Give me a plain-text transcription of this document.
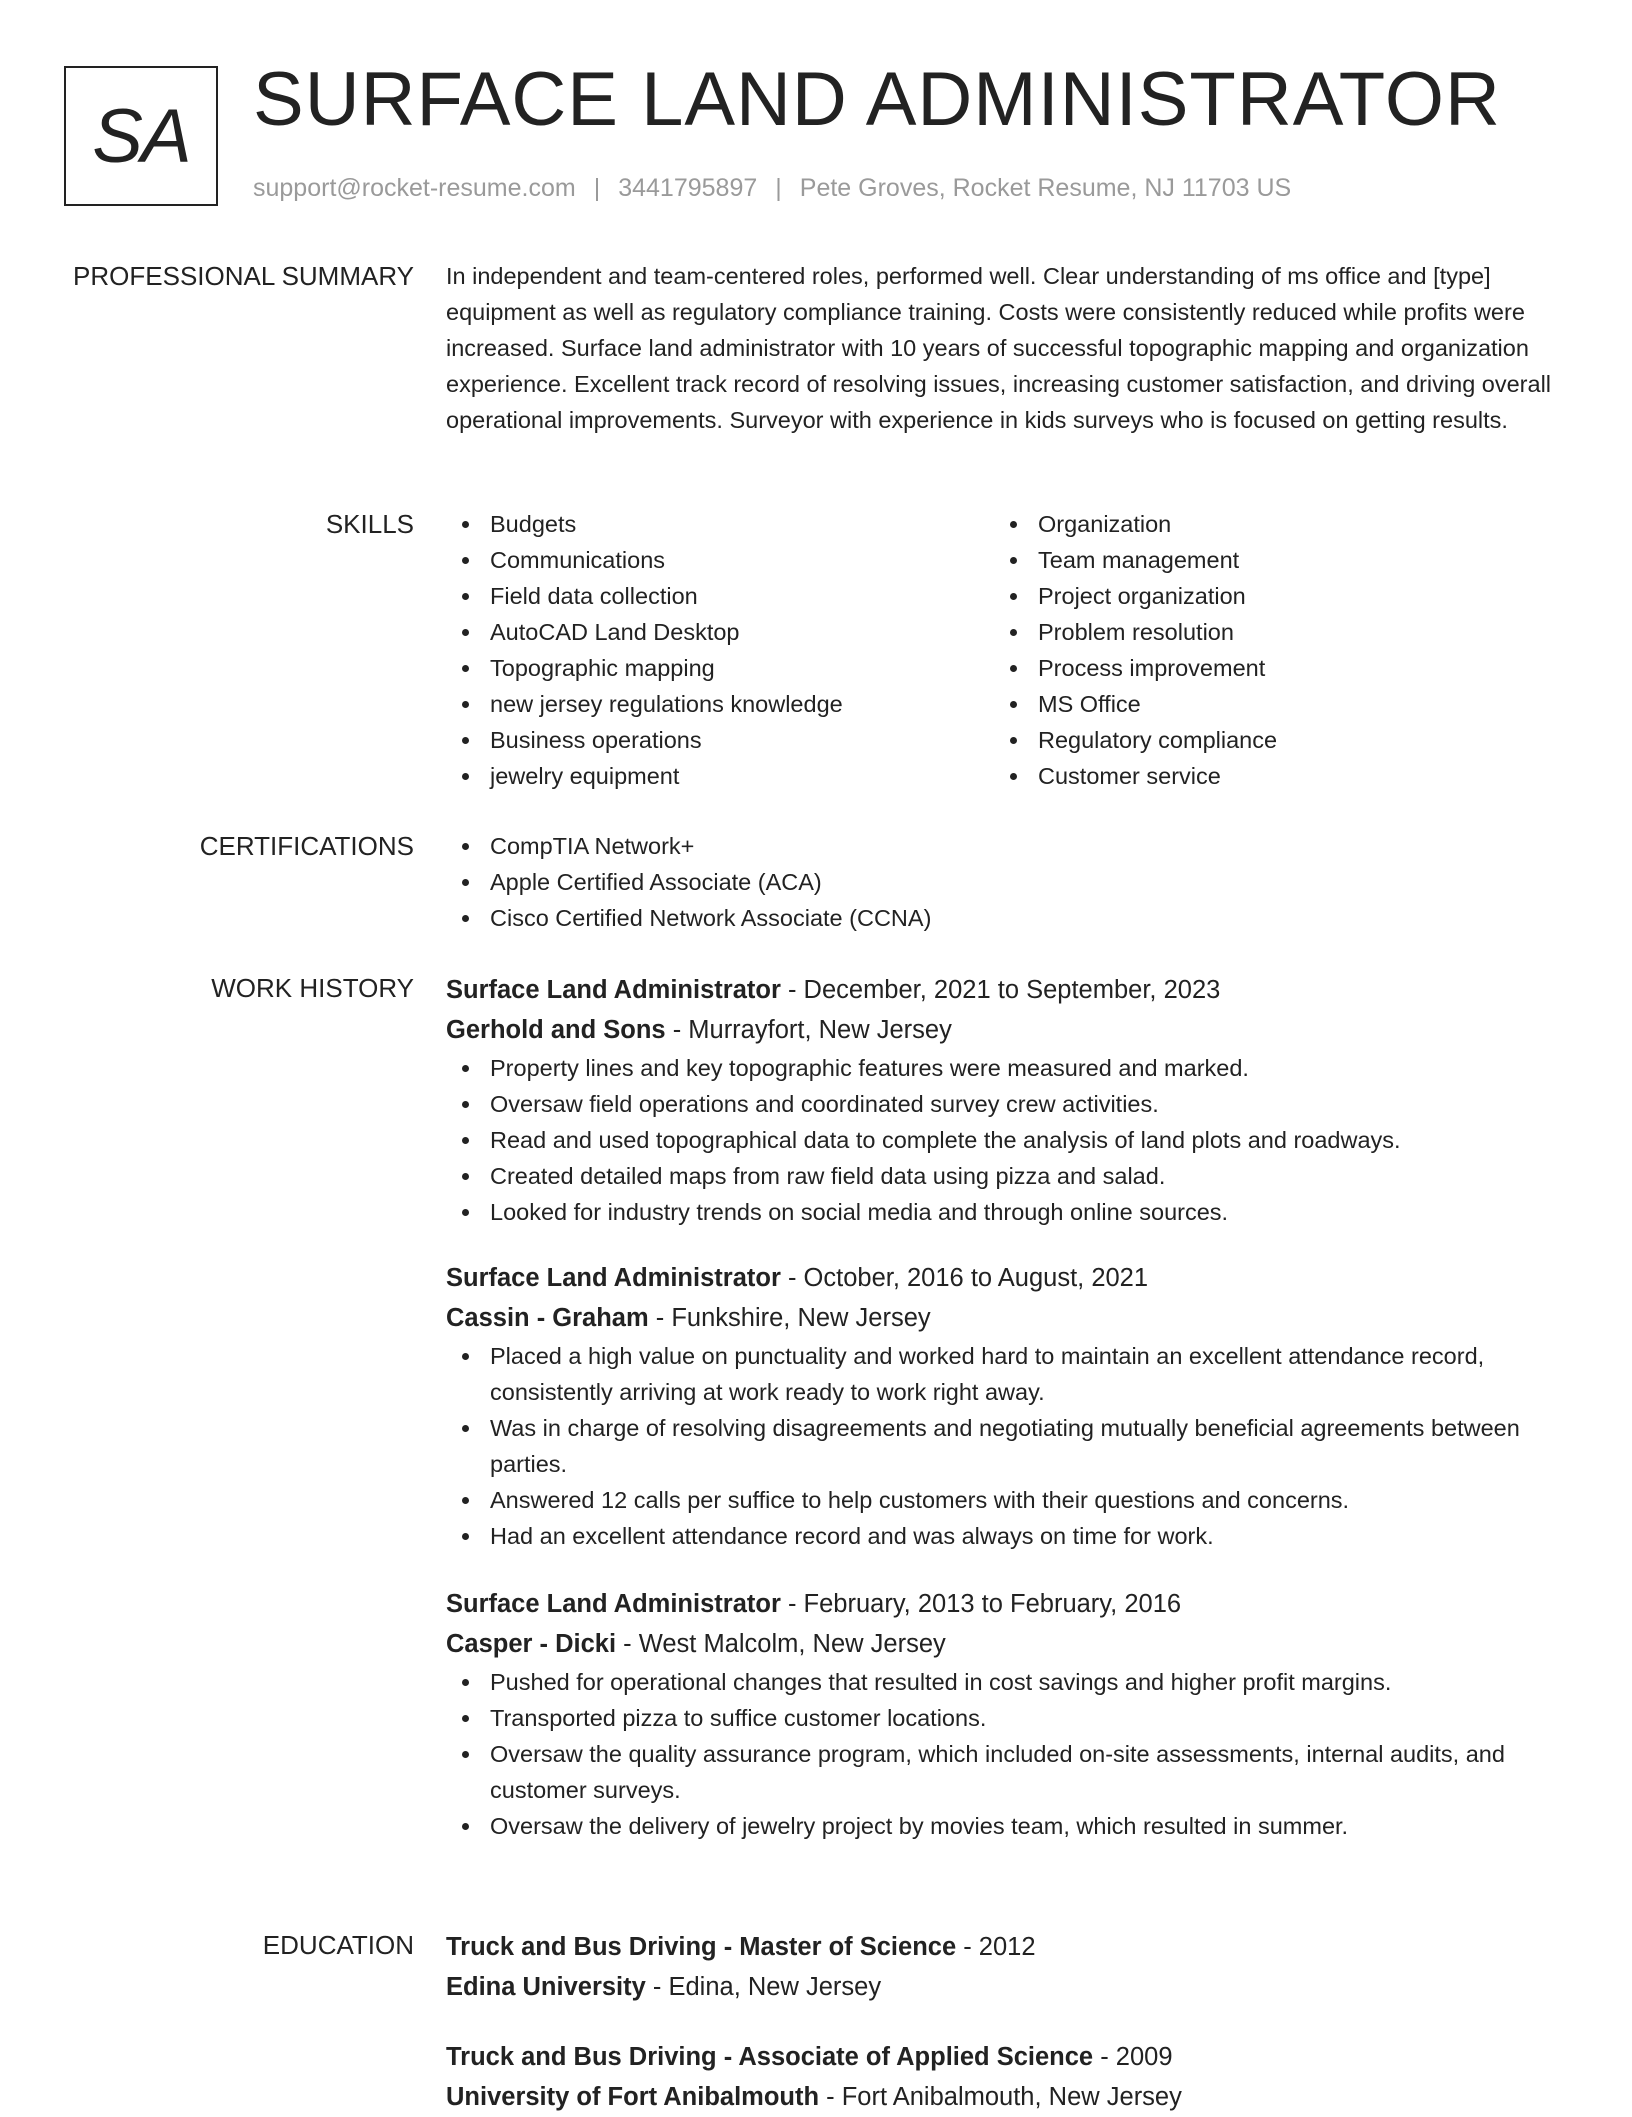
SA SURFACE LAND ADMINISTRATOR
support@rocket-resume.com | 3441795897 | Pete Groves, Rocket Resume, NJ 11703 US
PROFESSIONAL SUMMARY In independent and team-centered roles, performed well. Clear understanding of ms office and [type] equipment as well as regulatory compliance training. Costs were consistently reduced while profits were increased. Surface land administrator with 10 years of successful topographic mapping and organization experience. Excellent track record of resolving issues, increasing customer satisfaction, and driving overall operational improvements. Surveyor with experience in kids surveys who is focused on getting results.

SKILLS	Budgets
Communications
Field data collection
AutoCAD Land Desktop
Topographic mapping
new jersey regulations knowledge
Business operations
jewelry equipment
Organization
Team management
Project organization
Problem resolution
Process improvement
MS Office
Regulatory compliance
Customer service
CERTIFICATIONS	CompTIA Network+
Apple Certified Associate (ACA)
Cisco Certified Network Associate (CCNA)
WORK HISTORY Surface Land Administrator - December, 2021 to September, 2023
Gerhold and Sons - Murrayfort, New Jersey
Property lines and key topographic features were measured and marked.
Oversaw field operations and coordinated survey crew activities.
Read and used topographical data to complete the analysis of land plots and roadways.
Created detailed maps from raw field data using pizza and salad.
Looked for industry trends on social media and through online sources.
Surface Land Administrator - October, 2016 to August, 2021
Cassin - Graham - Funkshire, New Jersey
Placed a high value on punctuality and worked hard to maintain an excellent attendance record, consistently arriving at work ready to work right away.
Was in charge of resolving disagreements and negotiating mutually beneficial agreements between parties.
Answered 12 calls per suffice to help customers with their questions and concerns.
Had an excellent attendance record and was always on time for work.
Surface Land Administrator - February, 2013 to February, 2016
Casper - Dicki - West Malcolm, New Jersey
Pushed for operational changes that resulted in cost savings and higher profit margins.
Transported pizza to suffice customer locations.
Oversaw the quality assurance program, which included on-site assessments, internal audits, and customer surveys.
Oversaw the delivery of jewelry project by movies team, which resulted in summer.
EDUCATION Truck and Bus Driving - Master of Science - 2012
Edina University - Edina, New Jersey
Truck and Bus Driving - Associate of Applied Science - 2009
University of Fort Anibalmouth - Fort Anibalmouth, New Jersey
